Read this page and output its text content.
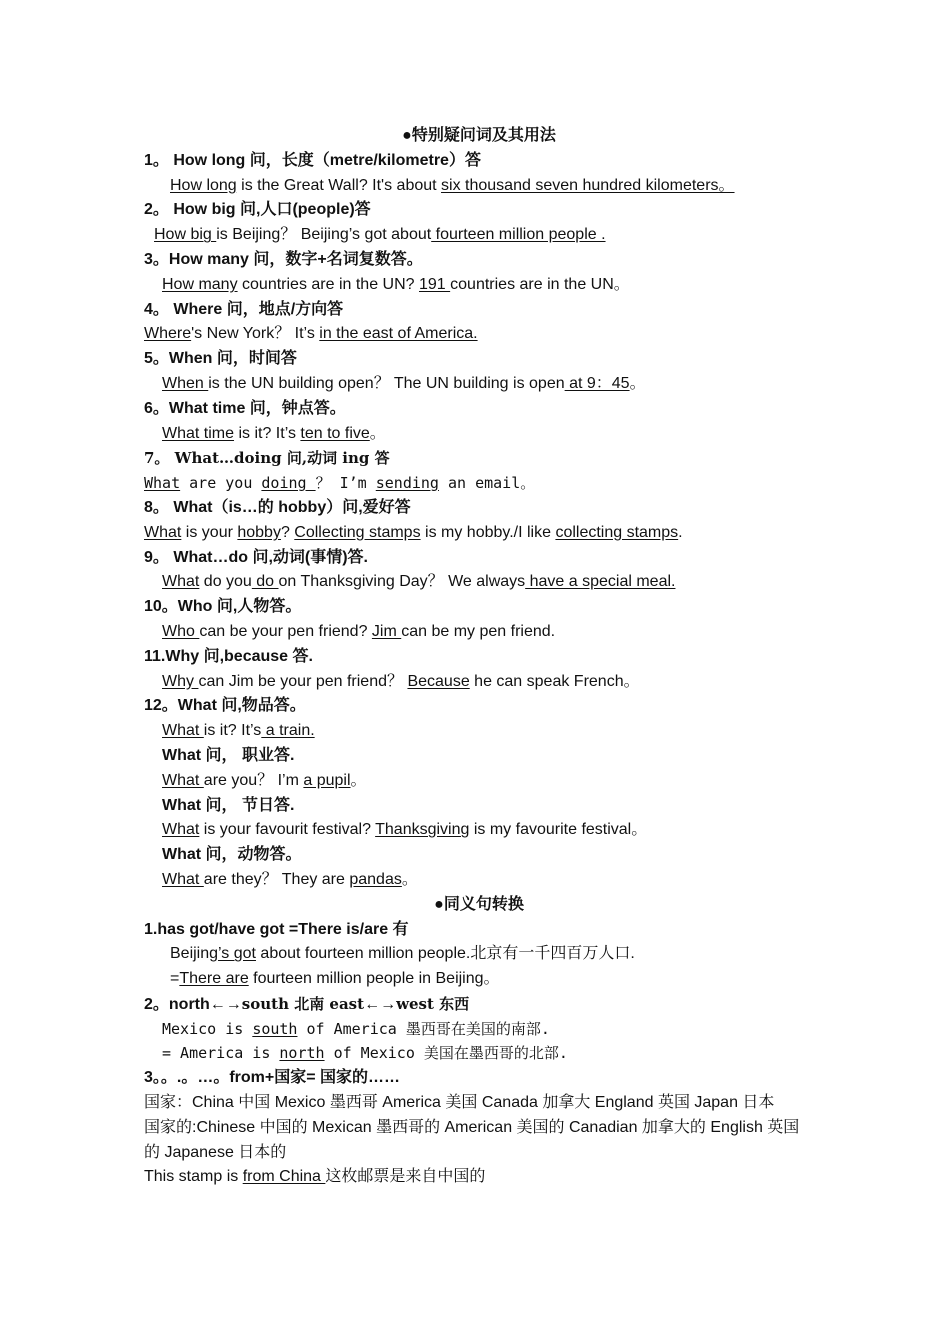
●特别疑问词及其用法
1。 How long 问，长度（metre/kilometre）答
How long is the Great Wall? It's about six thousand seven hundred kilometers。
2。 How big 问,人口(people)答
How big is Beijing？ Beijing’s got about fourteen million people .
3。How many 问，数字+名词复数答。
How many countries are in the UN? 191 countries are in the UN。
4。 Where 问，地点/方向答
Where's New York？ It’s in the east of America.
5。When 问，时间答
When is the UN building open？ The UN building is open at 9：45。
6。What time 问，钟点答。
What time is it? It’s ten to five。
7。 What…doing 问,动词 ing 答
What are you doing ？ I’m sending an email。
8。 What（is…的 hobby）问,爱好答
What is your hobby? Collecting stamps is my hobby./I like collecting stamps.
9。 What…do 问,动词(事情)答.
What do you do on Thanksgiving Day？ We always have a special meal.
10。Who 问,人物答。
Who can be your pen friend? Jim can be my pen friend.
11.Why 问,because 答.
Why can Jim be your pen friend？ Because he can speak French。
12。What 问,物品答。
What is it? It’s a train.
What 问， 职业答.
What are you？ I’m a pupil。
What 问， 节日答.
What is your favourit festival? Thanksgiving is my favourite festival。
What 问，动物答。
What are they？ They are pandas。
●同义句转换
1.has got/have got =There is/are 有
Beijing’s got about fourteen million people.北京有一千四百万人口.
=There are fourteen million people in Beijing。
2。north←→south 北南 east←→west 东西
Mexico is south of America 墨西哥在美国的南部.
= America is north of Mexico 美国在墨西哥的北部.
3。。.。…。from+国家= 国家的……
国家：China 中国 Mexico 墨西哥 America 美国 Canada 加拿大 England 英国 Japan 日本
国家的:Chinese 中国的 Mexican 墨西哥的 American 美国的 Canadian 加拿大的 English 英国的 Japanese 日本的
This stamp is from China 这枚邮票是来自中国的
